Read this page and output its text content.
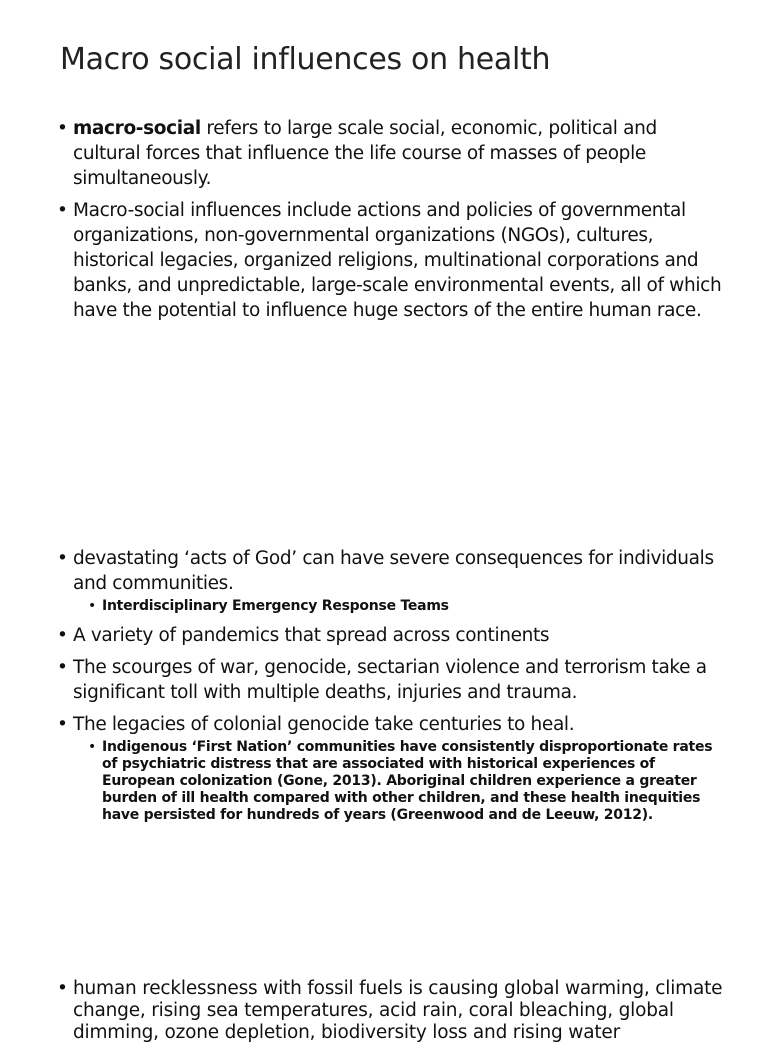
Macro social influences on health
• macro-social refers to large scale social, economic, political and cultural forces that influence the life course of masses of people simultaneously.
• Macro-social influences include actions and policies of governmental organizations, non-governmental organizations (NGOs), cultures, historical legacies, organized religions, multinational corporations and banks, and unpredictable, large-scale environmental events, all of which have the potential to influence huge sectors of the entire human race.
• devastating ‘acts of God’ can have severe consequences for individuals and communities.
• Interdisciplinary Emergency Response Teams
• A variety of pandemics that spread across continents
• The scourges of war, genocide, sectarian violence and terrorism take a significant toll with multiple deaths, injuries and trauma.
• The legacies of colonial genocide take centuries to heal.
• Indigenous ‘First Nation’ communities have consistently disproportionate rates of psychiatric distress that are associated with historical experiences of European colonization (Gone, 2013). Aboriginal children experience a greater burden of ill health compared with other children, and these health inequities have persisted for hundreds of years (Greenwood and de Leeuw, 2012).
• human recklessness with fossil fuels is causing global warming, climate change, rising sea temperatures, acid rain, coral bleaching, global dimming, ozone depletion, biodiversity loss and rising water
